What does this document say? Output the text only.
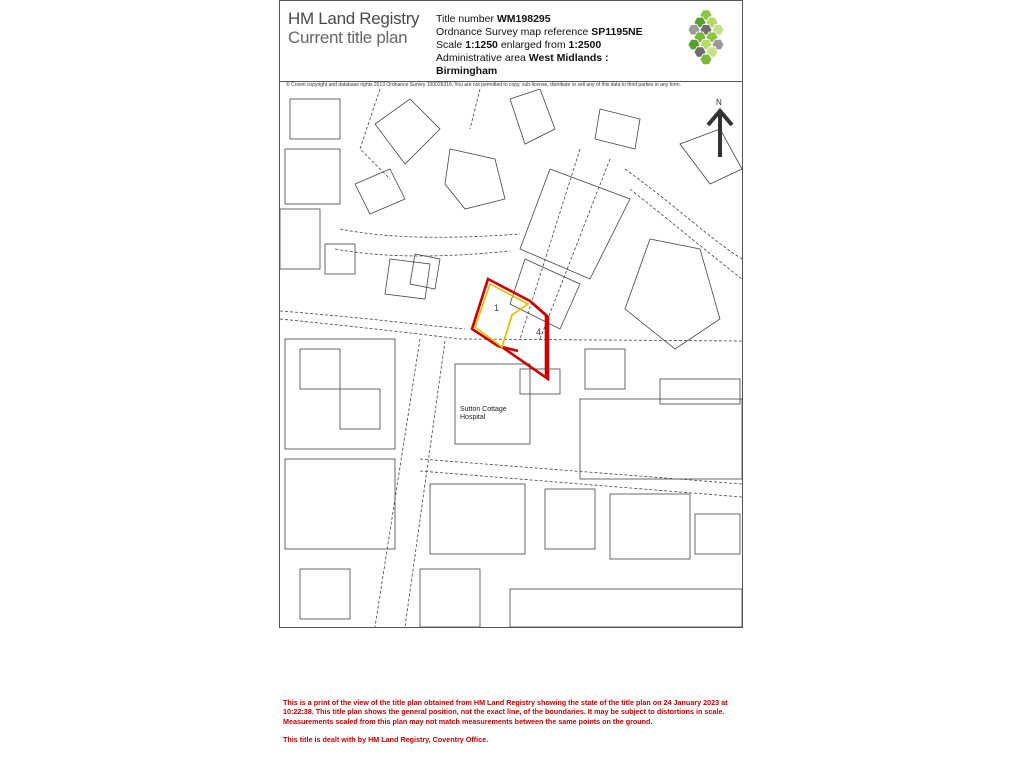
HM Land Registry
Current title plan
Title number WM198295
Ordnance Survey map reference SP1195NE
Scale 1:1250 enlarged from 1:2500
Administrative area West Midlands :
Birmingham
© Crown copyright and database rights 2013 Ordnance Survey 100026316. You are not permitted to copy, sub-license, distribute or sell any of this data to third parties in any form.
N
1
4
Sutton Cottage
Hospital

This is a print of the view of the title plan obtained from HM Land Registry showing the state of the title plan on 24 January 2023 at 10:22:38. This title plan shows the general position, not the exact line, of the boundaries. It may be subject to distortions in scale. Measurements scaled from this plan may not match measurements between the same points on the ground.

This title is dealt with by HM Land Registry, Coventry Office.
